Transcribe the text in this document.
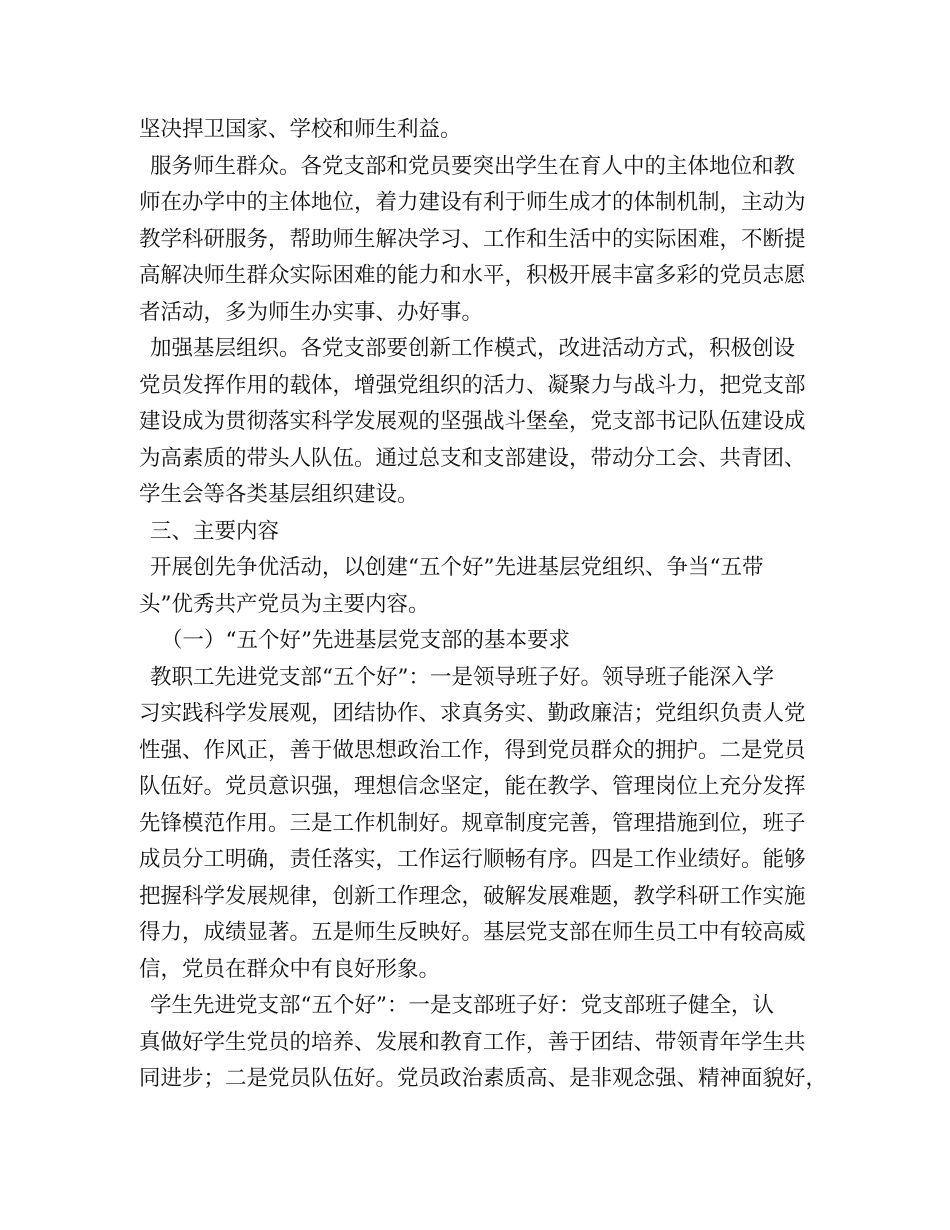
坚决捍卫国家、学校和师生利益。
服务师生群众。各党支部和党员要突出学生在育人中的主体地位和教
师在办学中的主体地位，着力建设有利于师生成才的体制机制，主动为
教学科研服务，帮助师生解决学习、工作和生活中的实际困难，不断提
高解决师生群众实际困难的能力和水平，积极开展丰富多彩的党员志愿
者活动，多为师生办实事、办好事。
加强基层组织。各党支部要创新工作模式，改进活动方式，积极创设
党员发挥作用的载体，增强党组织的活力、凝聚力与战斗力，把党支部
建设成为贯彻落实科学发展观的坚强战斗堡垒，党支部书记队伍建设成
为高素质的带头人队伍。通过总支和支部建设，带动分工会、共青团、
学生会等各类基层组织建设。
三、主要内容
开展创先争优活动，以创建“五个好”先进基层党组织、争当“五带
头”优秀共产党员为主要内容。
（一）“五个好”先进基层党支部的基本要求
教职工先进党支部“五个好”：一是领导班子好。领导班子能深入学
习实践科学发展观，团结协作、求真务实、勤政廉洁；党组织负责人党
性强、作风正，善于做思想政治工作，得到党员群众的拥护。二是党员
队伍好。党员意识强，理想信念坚定，能在教学、管理岗位上充分发挥
先锋模范作用。三是工作机制好。规章制度完善，管理措施到位，班子
成员分工明确，责任落实，工作运行顺畅有序。四是工作业绩好。能够
把握科学发展规律，创新工作理念，破解发展难题，教学科研工作实施
得力，成绩显著。五是师生反映好。基层党支部在师生员工中有较高威
信，党员在群众中有良好形象。
学生先进党支部“五个好”：一是支部班子好：党支部班子健全，认
真做好学生党员的培养、发展和教育工作，善于团结、带领青年学生共
同进步；二是党员队伍好。党员政治素质高、是非观念强、精神面貌好，
